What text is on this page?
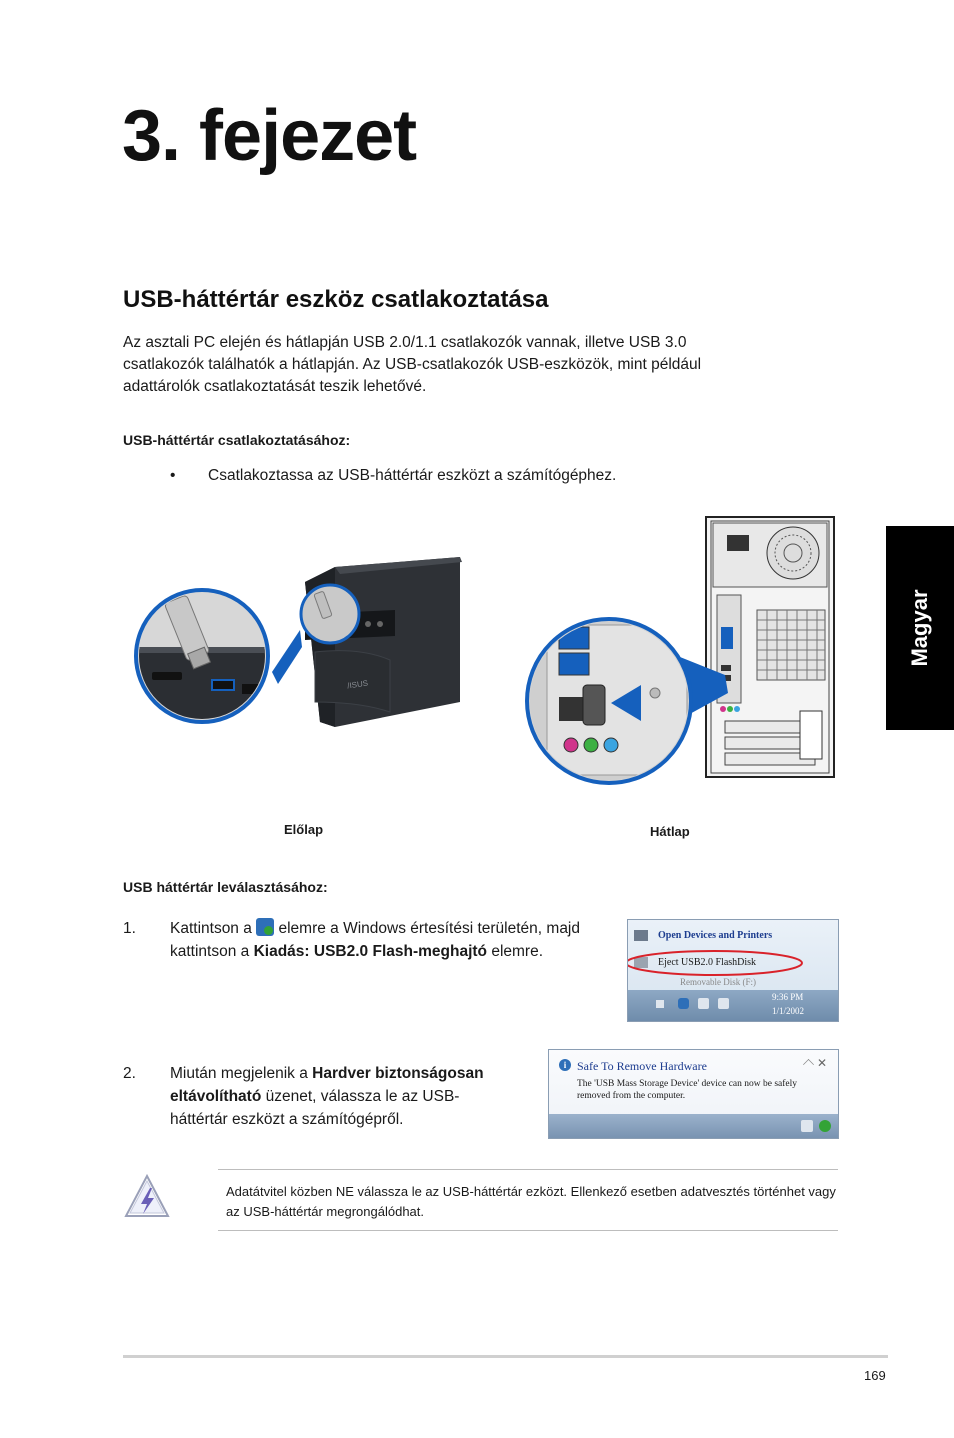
3. fejezet
USB-háttértár eszköz csatlakoztatása
Az asztali PC elején és hátlapján USB 2.0/1.1 csatlakozók vannak, illetve USB 3.0
csatlakozók találhatók a hátlapján. Az USB-csatlakozók USB-eszközök, mint például
adattárolók csatlakoztatását teszik lehetővé.
USB-háttértár csatlakoztatásához:
• Csatlakoztassa az USB-háttértár eszközt a számítógéphez.
/ISUS
Előlap	Hátlap
USB háttértár leválasztásához:
1. Kattintson a elemre a Windows értesítési területén, majd kattintson a Kiadás: USB2.0 Flash-meghajtó elemre.
2. Miután megjelenik a Hardver biztonságosan eltávolítható üzenet, válassza le az USB-háttértár eszközt a számítógépről.
Open Devices and Printers
Eject USB2.0 FlashDisk
Removable Disk (F:)
9:36 PM
1/1/2002
i Safe To Remove Hardware	✕
The 'USB Mass Storage Device' device can now be safely
removed from the computer.
Adatátvitel közben NE válassza le az USB-háttértár ezközt. Ellenkező esetben adatvesztés történhet vagy az USB-háttértár megrongálódhat.
Magyar
169
